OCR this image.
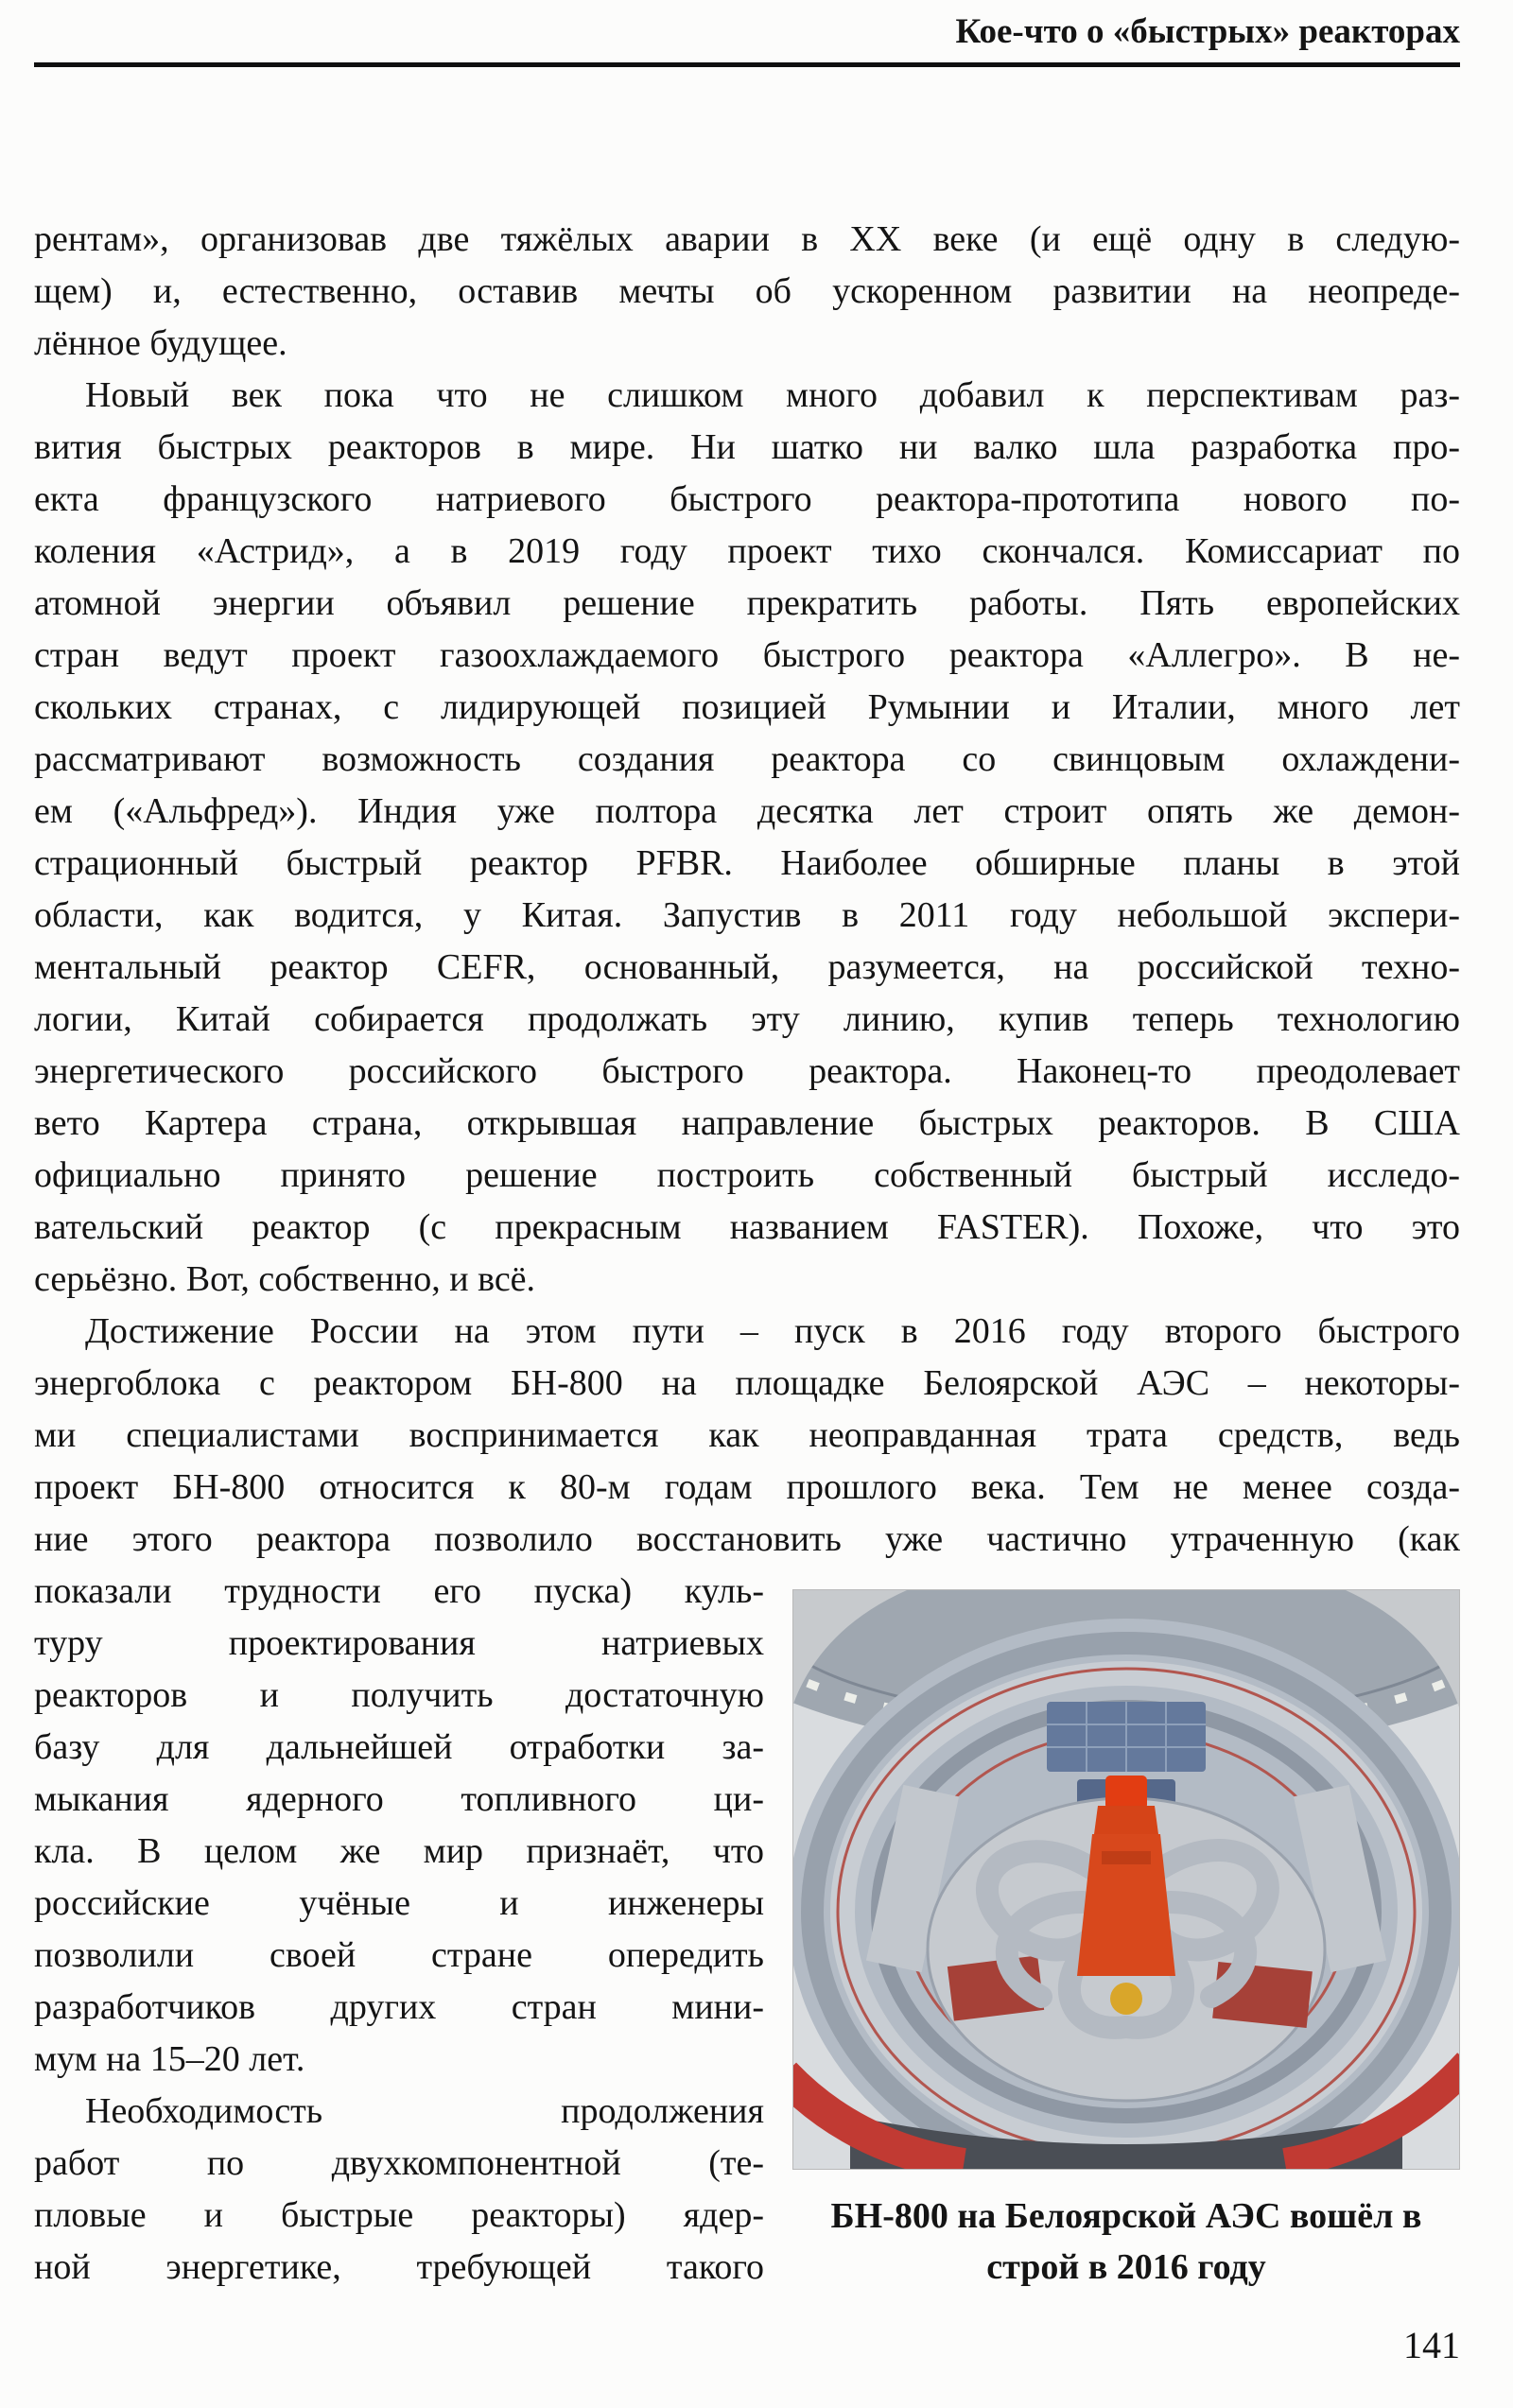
Кое-что о «быстрых» реакторах
рентам», организовав две тяжёлых аварии в XX веке (и ещё одну в следую-
щем) и, естественно, оставив мечты об ускоренном развитии на неопреде-
лённое будущее.
Новый век пока что не слишком много добавил к перспективам раз-
вития быстрых реакторов в мире. Ни шатко ни валко шла разработка про-
екта французского натриевого быстрого реактора-прототипа нового по-
коления «Астрид», а в 2019 году проект тихо скончался. Комиссариат по
атомной энергии объявил решение прекратить работы. Пять европейских
стран ведут проект газоохлаждаемого быстрого реактора «Аллегро». В не-
скольких странах, с лидирующей позицией Румынии и Италии, много лет
рассматривают возможность создания реактора со свинцовым охлаждени-
ем («Альфред»). Индия уже полтора десятка лет строит опять же демон-
страционный быстрый реактор PFBR. Наиболее обширные планы в этой
области, как водится, у Китая. Запустив в 2011 году небольшой экспери-
ментальный реактор CEFR, основанный, разумеется, на российской техно-
логии, Китай собирается продолжать эту линию, купив теперь технологию
энергетического российского быстрого реактора. Наконец-то преодолевает
вето Картера страна, открывшая направление быстрых реакторов. В США
официально принято решение построить собственный быстрый исследо-
вательский реактор (с прекрасным названием FASTER). Похоже, что это
серьёзно. Вот, собственно, и всё.
Достижение России на этом пути – пуск в 2016 году второго быстрого
энергоблока с реактором БН-800 на площадке Белоярской АЭС – некоторы-
ми специалистами воспринимается как неоправданная трата средств, ведь
проект БН-800 относится к 80-м годам прошлого века. Тем не менее созда-
ние этого реактора позволило восстановить уже частично утраченную (как
показали трудности его пуска) куль-
туру проектирования натриевых
реакторов и получить достаточную
базу для дальнейшей отработки за-
мыкания ядерного топливного ци-
кла. В целом же мир признаёт, что
российские учёные и инженеры
позволили своей стране опередить
разработчиков других стран мини-
мум на 15–20 лет.
Необходимость продолжения
работ по двухкомпонентной (те-
пловые и быстрые реакторы) ядер-
ной энергетике, требующей такого
БН-800 на Белоярской АЭС вошёл в
строй в 2016 году
141
